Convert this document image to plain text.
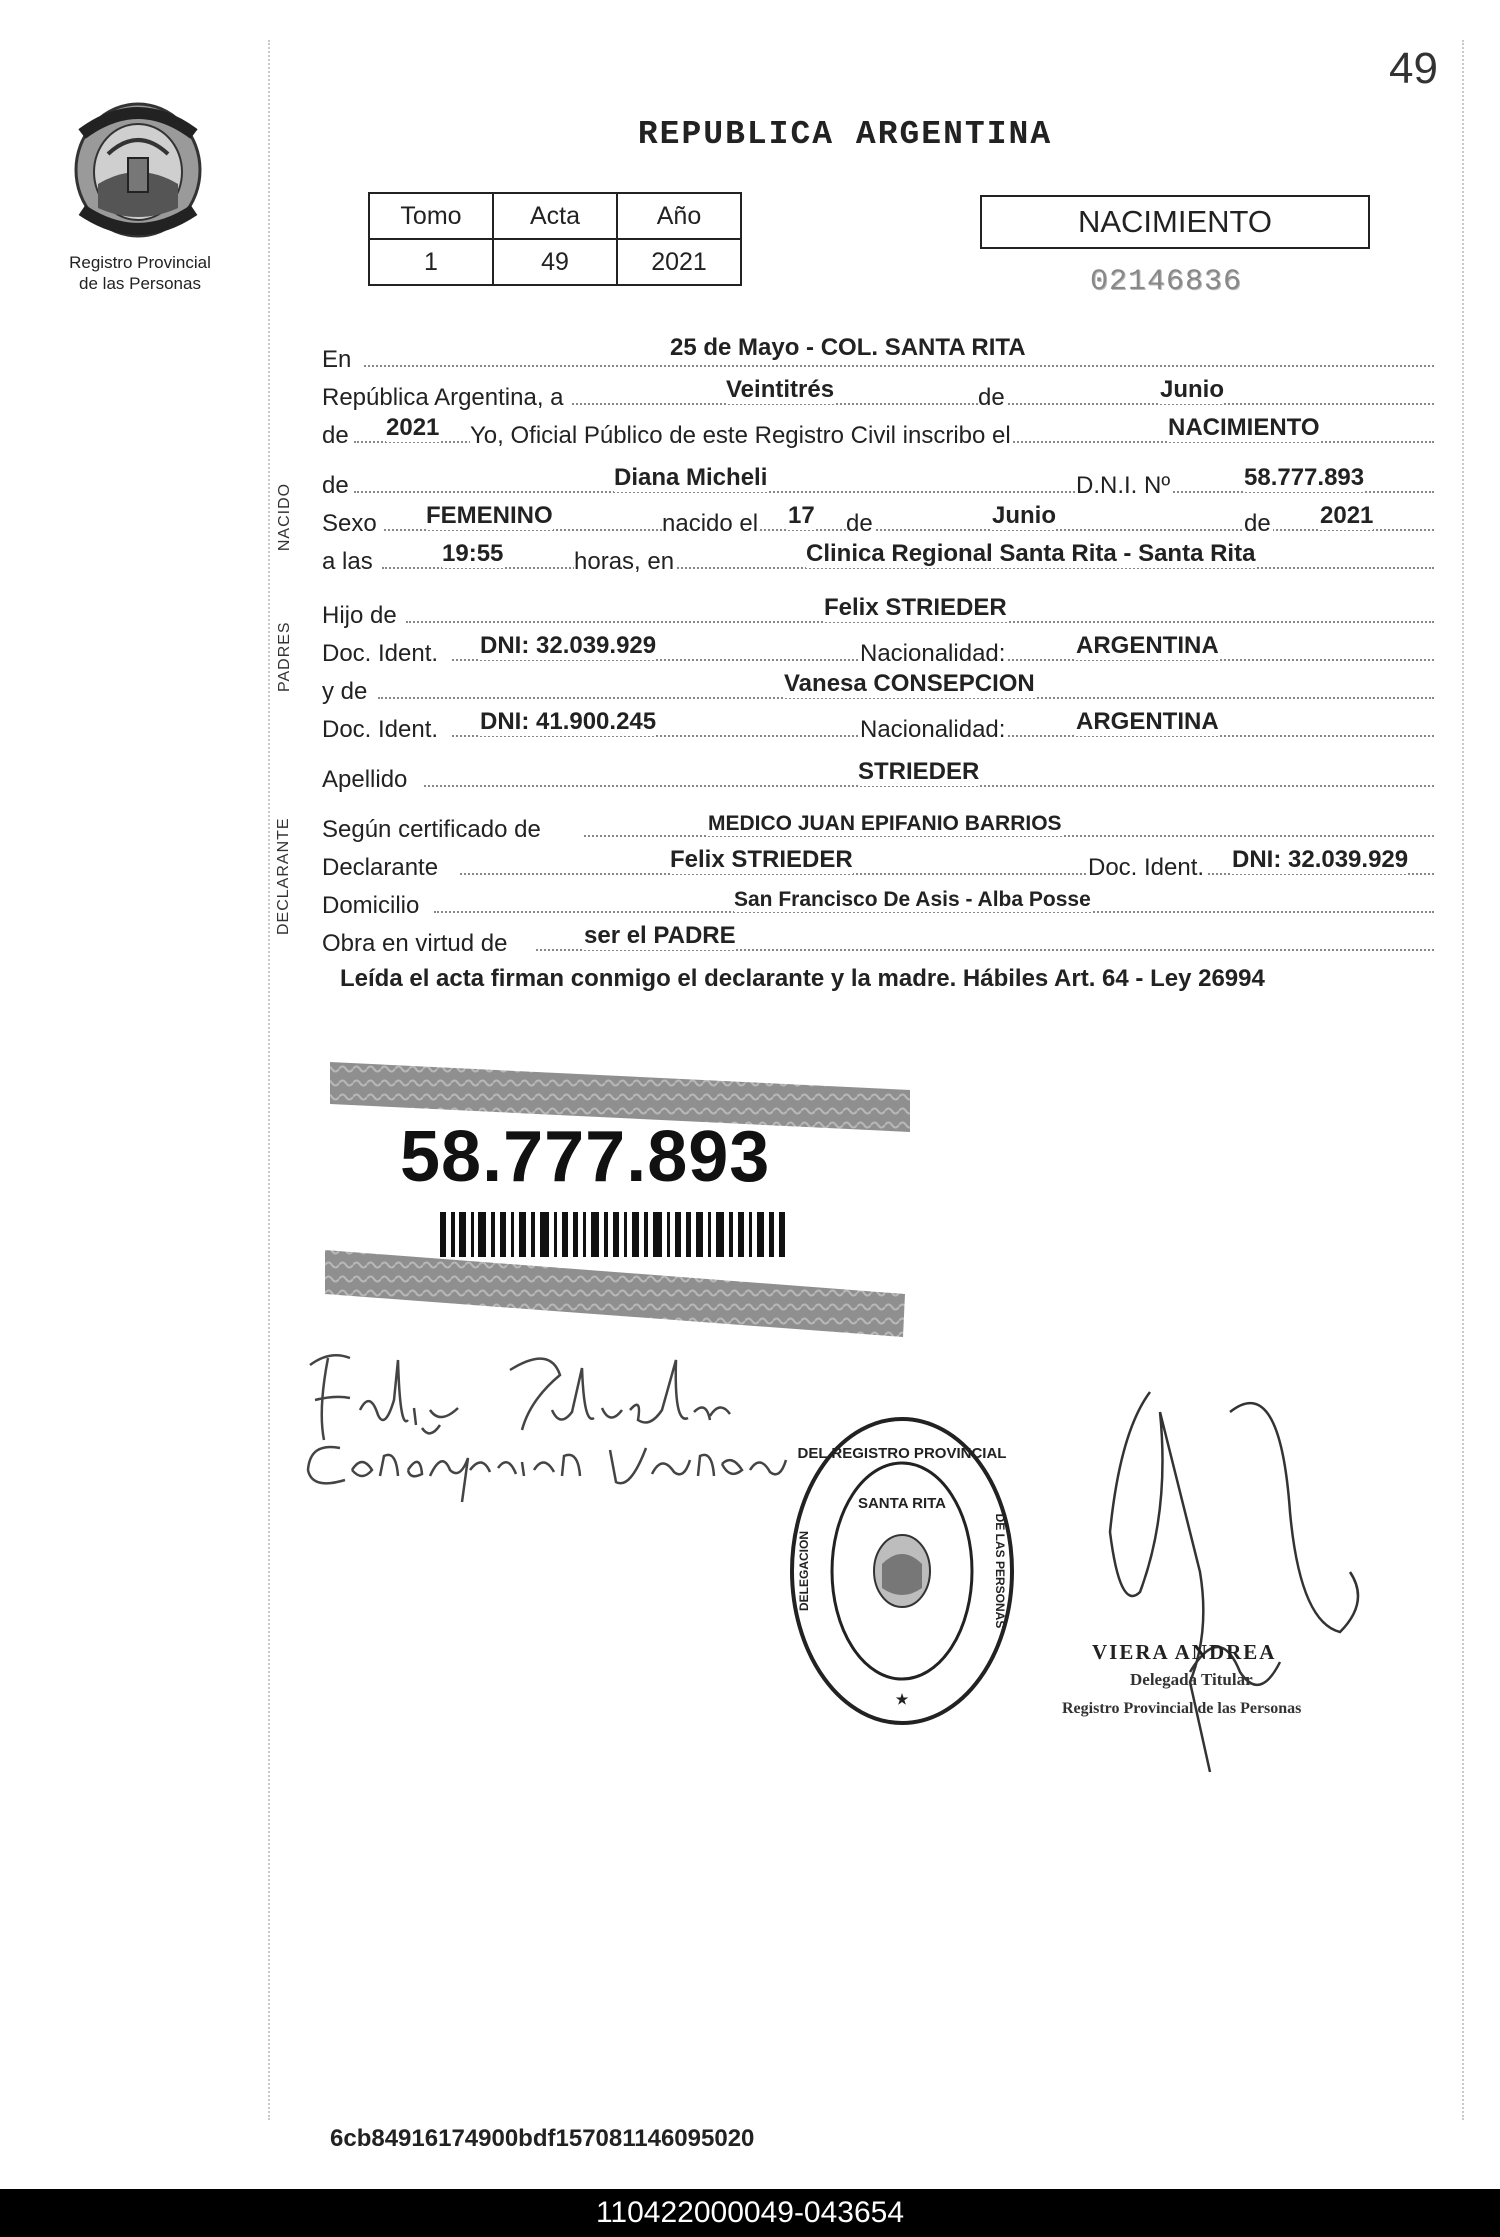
49
Registro Provincial
de las Personas
REPUBLICA ARGENTINA
Tomo	Acta	Año
1	49	2021
NACIMIENTO
02146836
NACIDO
PADRES
DECLARANTE
En	25 de Mayo - COL. SANTA RITA
República Argentina, a	Veintitrés	de	Junio
de 2021 Yo, Oficial Público de este Registro Civil inscribo el	NACIMIENTO
de	Diana Micheli	D.N.I. Nº	58.777.893
Sexo FEMENINO	nacido el 17 de	Junio	de 2021
a las	19:55	horas, en	Clinica Regional Santa Rita - Santa Rita
Hijo de	Felix STRIEDER
Doc. Ident. DNI: 32.039.929	Nacionalidad:	ARGENTINA
y de	Vanesa CONSEPCION
Doc. Ident. DNI: 41.900.245	Nacionalidad:	ARGENTINA
Apellido	STRIEDER
Según certificado de	MEDICO JUAN EPIFANIO BARRIOS
Declarante	Felix STRIEDER	Doc. Ident. DNI: 32.039.929
Domicilio	San Francisco De Asis - Alba Posse
Obra en virtud de	ser el PADRE
Leída el acta firman conmigo el declarante y la madre. Hábiles Art. 64 - Ley 26994
58.777.893
DEL REGISTRO PROVINCIAL
SANTA RITA
★
DELEGACION	DE LAS PERSONAS
VIERA ANDREA
Delegada Titular
Registro Provincial de las Personas
6cb84916174900bdf157081146095020
110422000049-043654
